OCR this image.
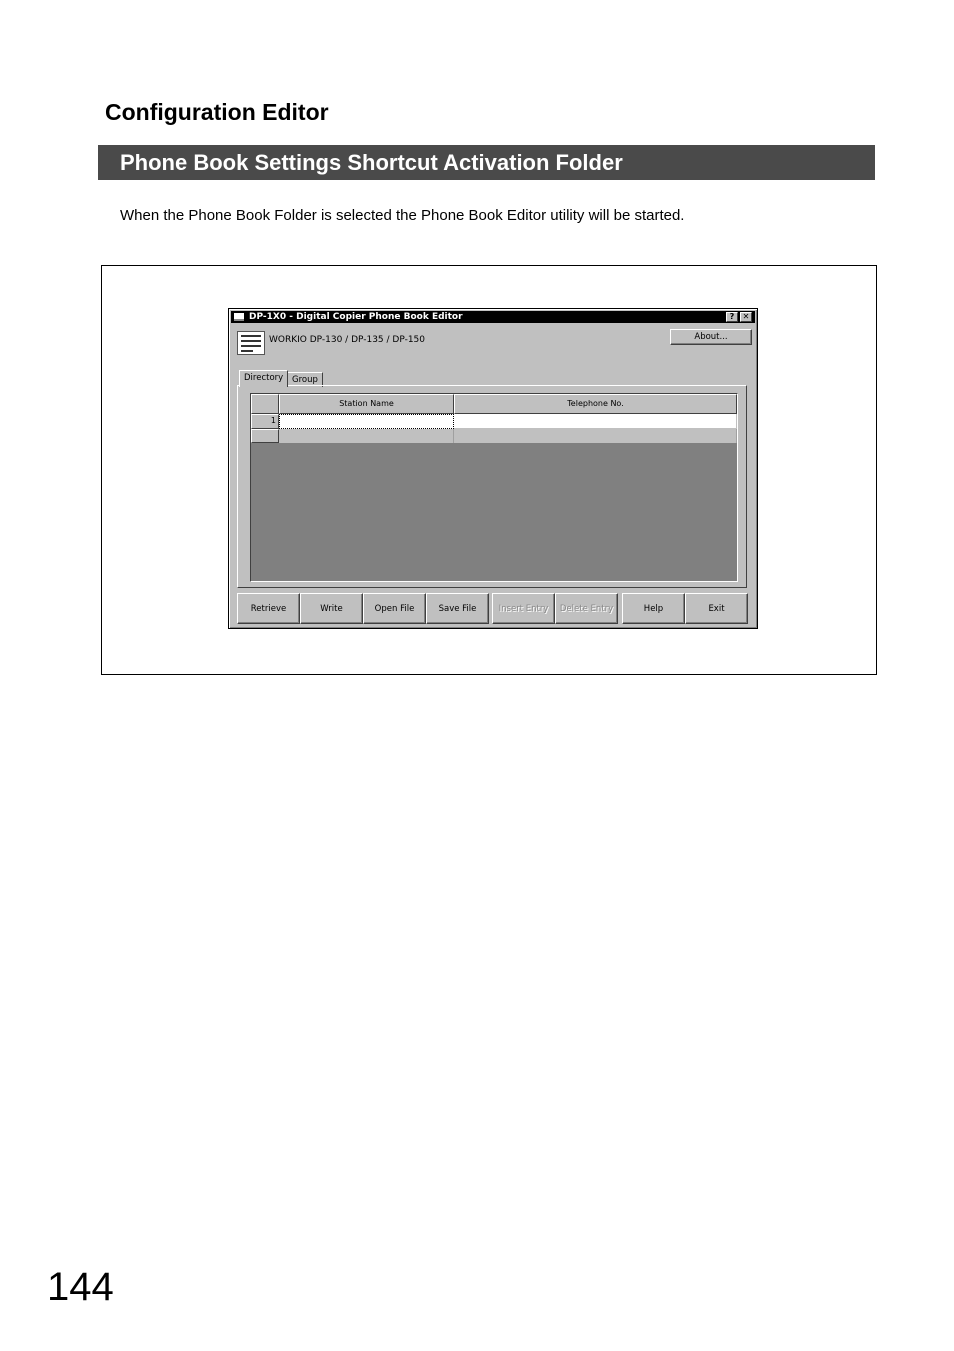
Configuration Editor
Phone Book Settings Shortcut Activation Folder

When the Phone Book Folder is selected the Phone Book Editor utility will be started.

DP-1X0 - Digital Copier Phone Book Editor	?	✕
WORKIO DP-130 / DP-135 / DP-150	About...
Directory	Group
Station Name	Telephone No.
1
Retrieve	Write	Open File	Save File	Insert Entry	Delete Entry	Help	Exit
144
